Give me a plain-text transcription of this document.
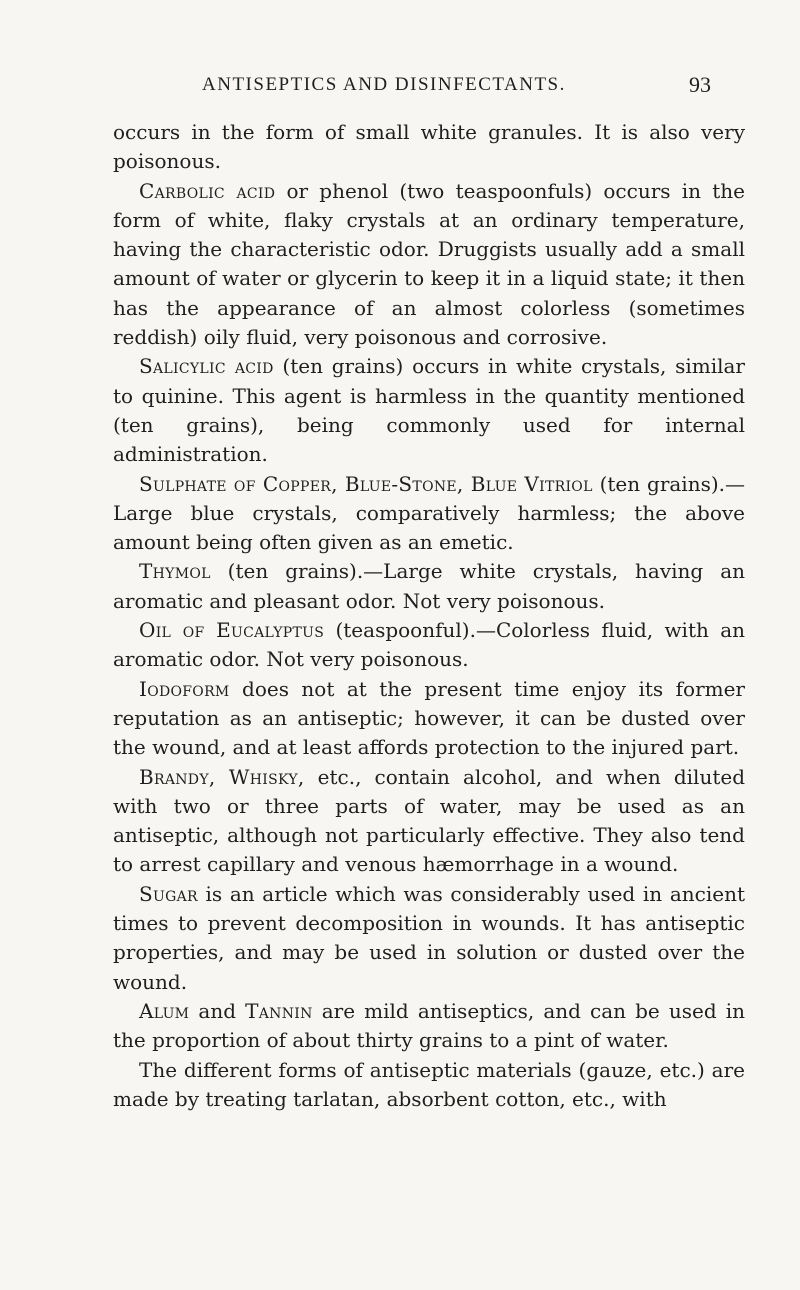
ANTISEPTICS AND DISINFECTANTS.	93

occurs in the form of small white granules. It is also very poisonous.

Carbolic acid or phenol (two teaspoonfuls) occurs in the form of white, flaky crystals at an ordinary temperature, having the characteristic odor. Druggists usually add a small amount of water or glycerin to keep it in a liquid state; it then has the appearance of an almost colorless (sometimes reddish) oily fluid, very poisonous and corrosive.

Salicylic acid (ten grains) occurs in white crystals, similar to quinine. This agent is harmless in the quantity mentioned (ten grains), being commonly used for internal administration.

Sulphate of Copper, Blue-Stone, Blue Vitriol (ten grains).—Large blue crystals, comparatively harmless; the above amount being often given as an emetic.

Thymol (ten grains).—Large white crystals, having an aromatic and pleasant odor. Not very poisonous.

Oil of Eucalyptus (teaspoonful).—Colorless fluid, with an aromatic odor. Not very poisonous.

Iodoform does not at the present time enjoy its former reputation as an antiseptic; however, it can be dusted over the wound, and at least affords protection to the injured part.

Brandy, Whisky, etc., contain alcohol, and when diluted with two or three parts of water, may be used as an antiseptic, although not particularly effective. They also tend to arrest capillary and venous hæmorrhage in a wound.

Sugar is an article which was considerably used in ancient times to prevent decomposition in wounds. It has antiseptic properties, and may be used in solution or dusted over the wound.

Alum and Tannin are mild antiseptics, and can be used in the proportion of about thirty grains to a pint of water.

The different forms of antiseptic materials (gauze, etc.) are made by treating tarlatan, absorbent cotton, etc., with
